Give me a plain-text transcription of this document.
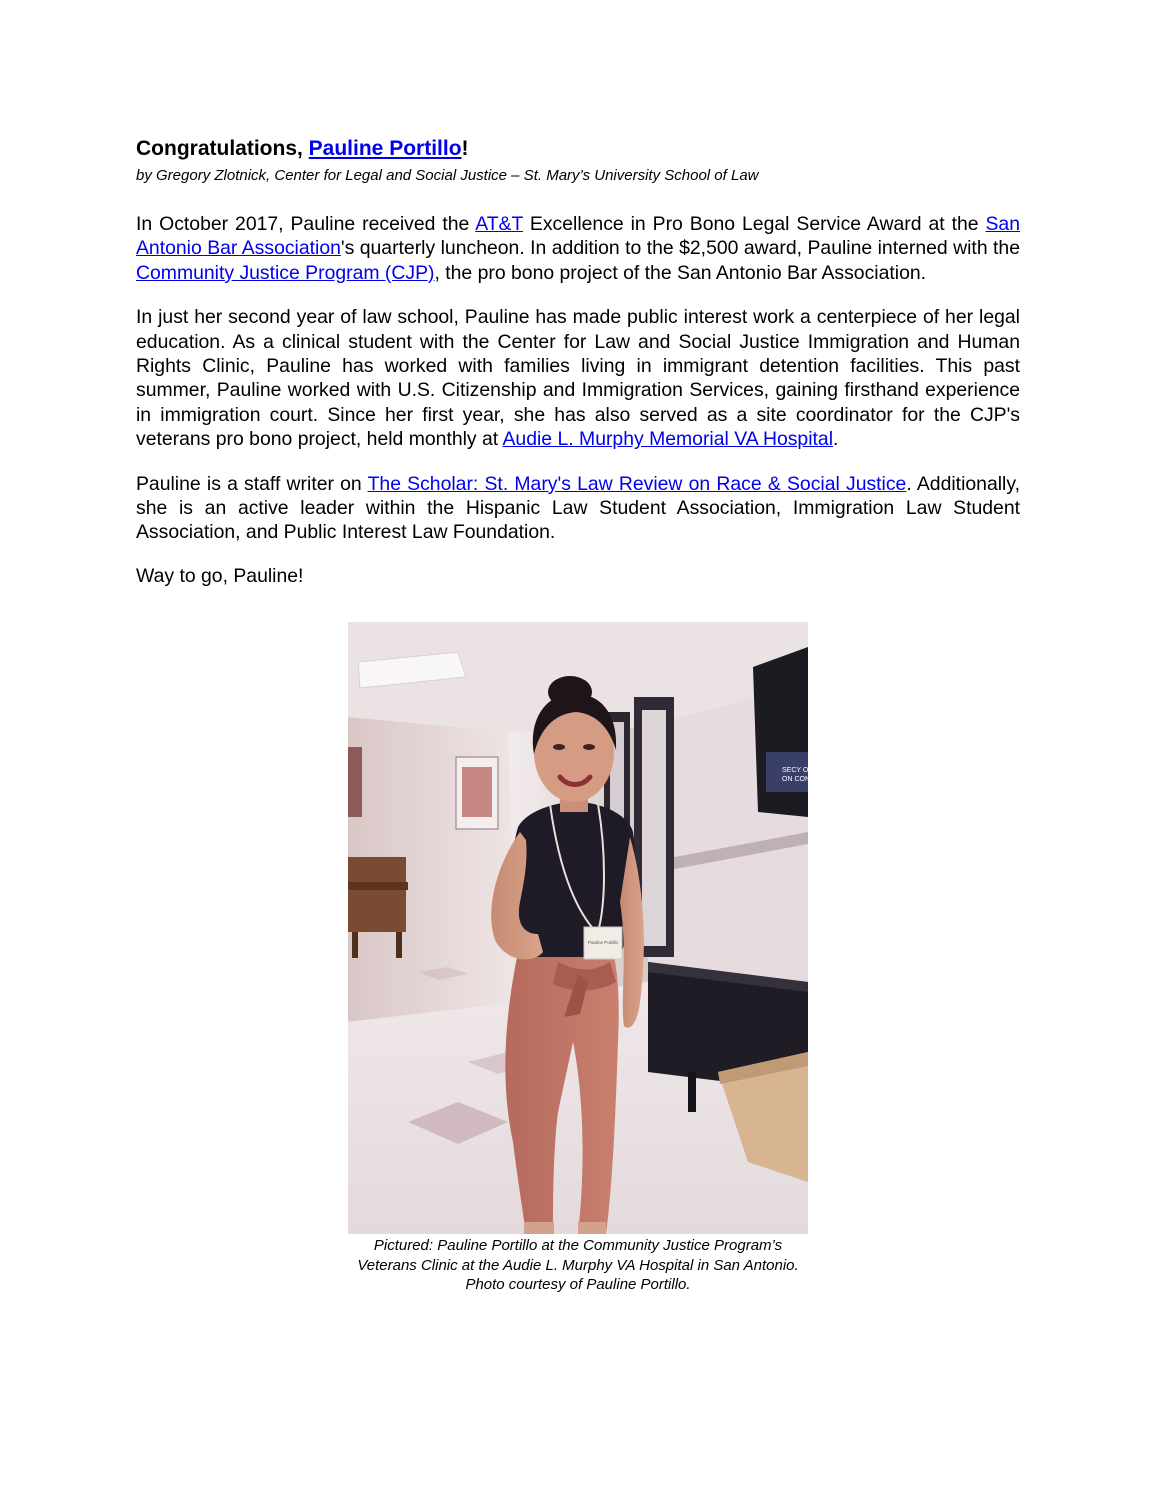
Congratulations, Pauline Portillo!

by Gregory Zlotnick, Center for Legal and Social Justice – St. Mary’s University School of Law

In October 2017, Pauline received the AT&T Excellence in Pro Bono Legal Service Award at the San Antonio Bar Association's quarterly luncheon. In addition to the $2,500 award, Pauline interned with the Community Justice Program (CJP), the pro bono project of the San Antonio Bar Association.

In just her second year of law school, Pauline has made public interest work a centerpiece of her legal education. As a clinical student with the Center for Law and Social Justice Immigration and Human Rights Clinic, Pauline has worked with families living in immigrant detention facilities. This past summer, Pauline worked with U.S. Citizenship and Immigration Services, gaining firsthand experience in immigration court. Since her first year, she has also served as a site coordinator for the CJP's veterans pro bono project, held monthly at Audie L. Murphy Memorial VA Hospital.

Pauline is a staff writer on The Scholar: St. Mary's Law Review on Race & Social Justice. Additionally, she is an active leader within the Hispanic Law Student Association, Immigration Law Student Association, and Public Interest Law Foundation.

Way to go, Pauline!

SECY OF
ON CONG
Pauline Portillo
Pictured: Pauline Portillo at the Community Justice Program’s
Veterans Clinic at the Audie L. Murphy VA Hospital in San Antonio.
Photo courtesy of Pauline Portillo.
